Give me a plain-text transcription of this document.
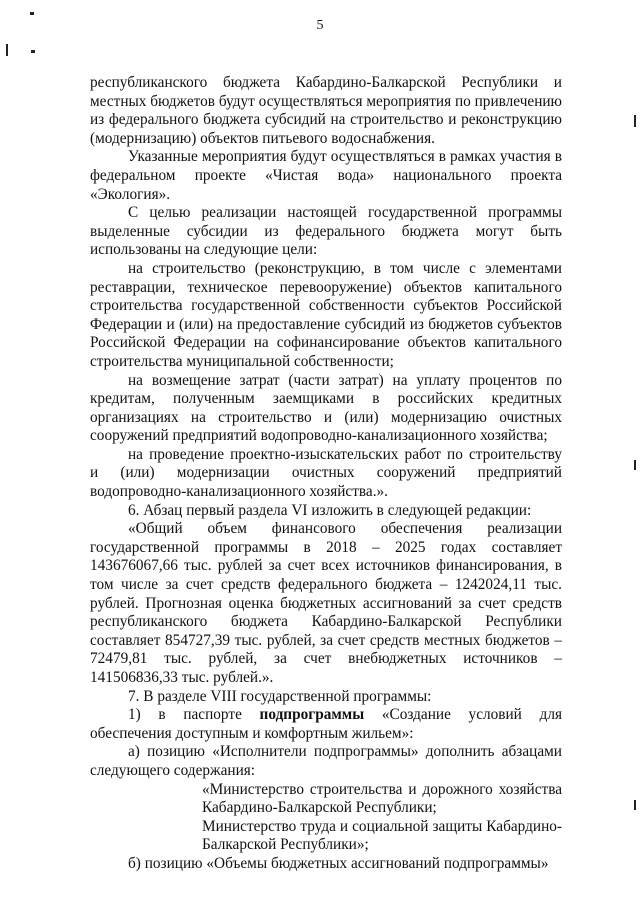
5

республиканского бюджета Кабардино-Балкарской Республики и местных бюджетов будут осуществляться мероприятия по привлечению из федерального бюджета субсидий на строительство и реконструкцию (модернизацию) объектов питьевого водоснабжения.

Указанные мероприятия будут осуществляться в рамках участия в федеральном проекте «Чистая вода» национального проекта «Экология».

С целью реализации настоящей государственной программы выделенные субсидии из федерального бюджета могут быть использованы на следующие цели:

на строительство (реконструкцию, в том числе с элементами реставрации, техническое перевооружение) объектов капитального строительства государственной собственности субъектов Российской Федерации и (или) на предоставление субсидий из бюджетов субъектов Российской Федерации на софинансирование объектов капитального строительства муниципальной собственности;

на возмещение затрат (части затрат) на уплату процентов по кредитам, полученным заемщиками в российских кредитных организациях на строительство и (или) модернизацию очистных сооружений предприятий водопроводно-канализационного хозяйства;

на проведение проектно-изыскательских работ по строительству и (или) модернизации очистных сооружений предприятий водопроводно-канализационного хозяйства.».

6. Абзац первый раздела VI изложить в следующей редакции:

«Общий объем финансового обеспечения реализации государственной программы в 2018 – 2025 годах составляет 143676067,66 тыс. рублей за счет всех источников финансирования, в том числе за счет средств федерального бюджета – 1242024,11 тыс. рублей. Прогнозная оценка бюджетных ассигнований за счет средств республиканского бюджета Кабардино-Балкарской Республики составляет 854727,39 тыс. рублей, за счет средств местных бюджетов – 72479,81 тыс. рублей, за счет внебюджетных источников – 141506836,33 тыс. рублей.».

7. В разделе VIII государственной программы:

1) в паспорте подпрограммы «Создание условий для обеспечения доступным и комфортным жильем»:

а) позицию «Исполнители подпрограммы» дополнить абзацами следующего содержания:

«Министерство строительства и дорожного хозяйства Кабардино-Балкарской Республики;

Министерство труда и социальной защиты Кабардино-Балкарской Республики»;

б) позицию «Объемы бюджетных ассигнований подпрограммы»
